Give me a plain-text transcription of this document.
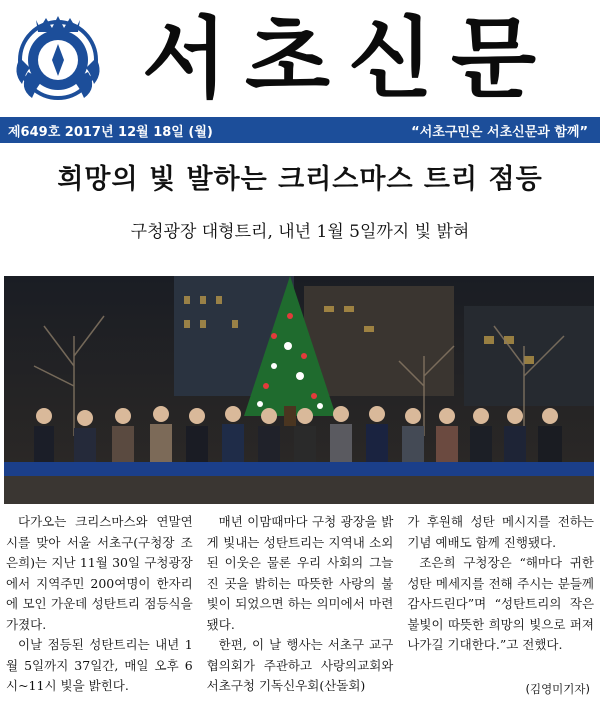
서초신문
제649호 2017년 12월 18일 (월)	“서초구민은 서초신문과 함께”
희망의 빛 발하는 크리스마스 트리 점등
구청광장 대형트리, 내년 1월 5일까지 빛 밝혀

다가오는 크리스마스와 연말연시를 맞아 서울 서초구(구청장 조은희)는 지난 11월 30일 구청광장에서 지역주민 200여명이 한자리에 모인 가운데 성탄트리 점등식을 가졌다.

이날 점등된 성탄트리는 내년 1월 5일까지 37일간, 매일 오후 6시~11시 빛을 밝힌다.

매년 이맘때마다 구청 광장을 밝게 빛내는 성탄트리는 지역내 소외된 이웃은 물론 우리 사회의 그늘진 곳을 밝히는 따뜻한 사랑의 불빛이 되었으면 하는 의미에서 마련됐다.

한편, 이 날 행사는 서초구 교구협의회가 주관하고 사랑의교회와 서초구청 기독신우회(산돌회)

가 후원해 성탄 메시지를 전하는 기념 예배도 함께 진행됐다.

조은희 구청장은 “해마다 귀한 성탄 메세지를 전해 주시는 분들께 감사드린다”며 “성탄트리의 작은 불빛이 따뜻한 희망의 빛으로 퍼져나가길 기대한다.”고 전했다.

(김영미기자)
